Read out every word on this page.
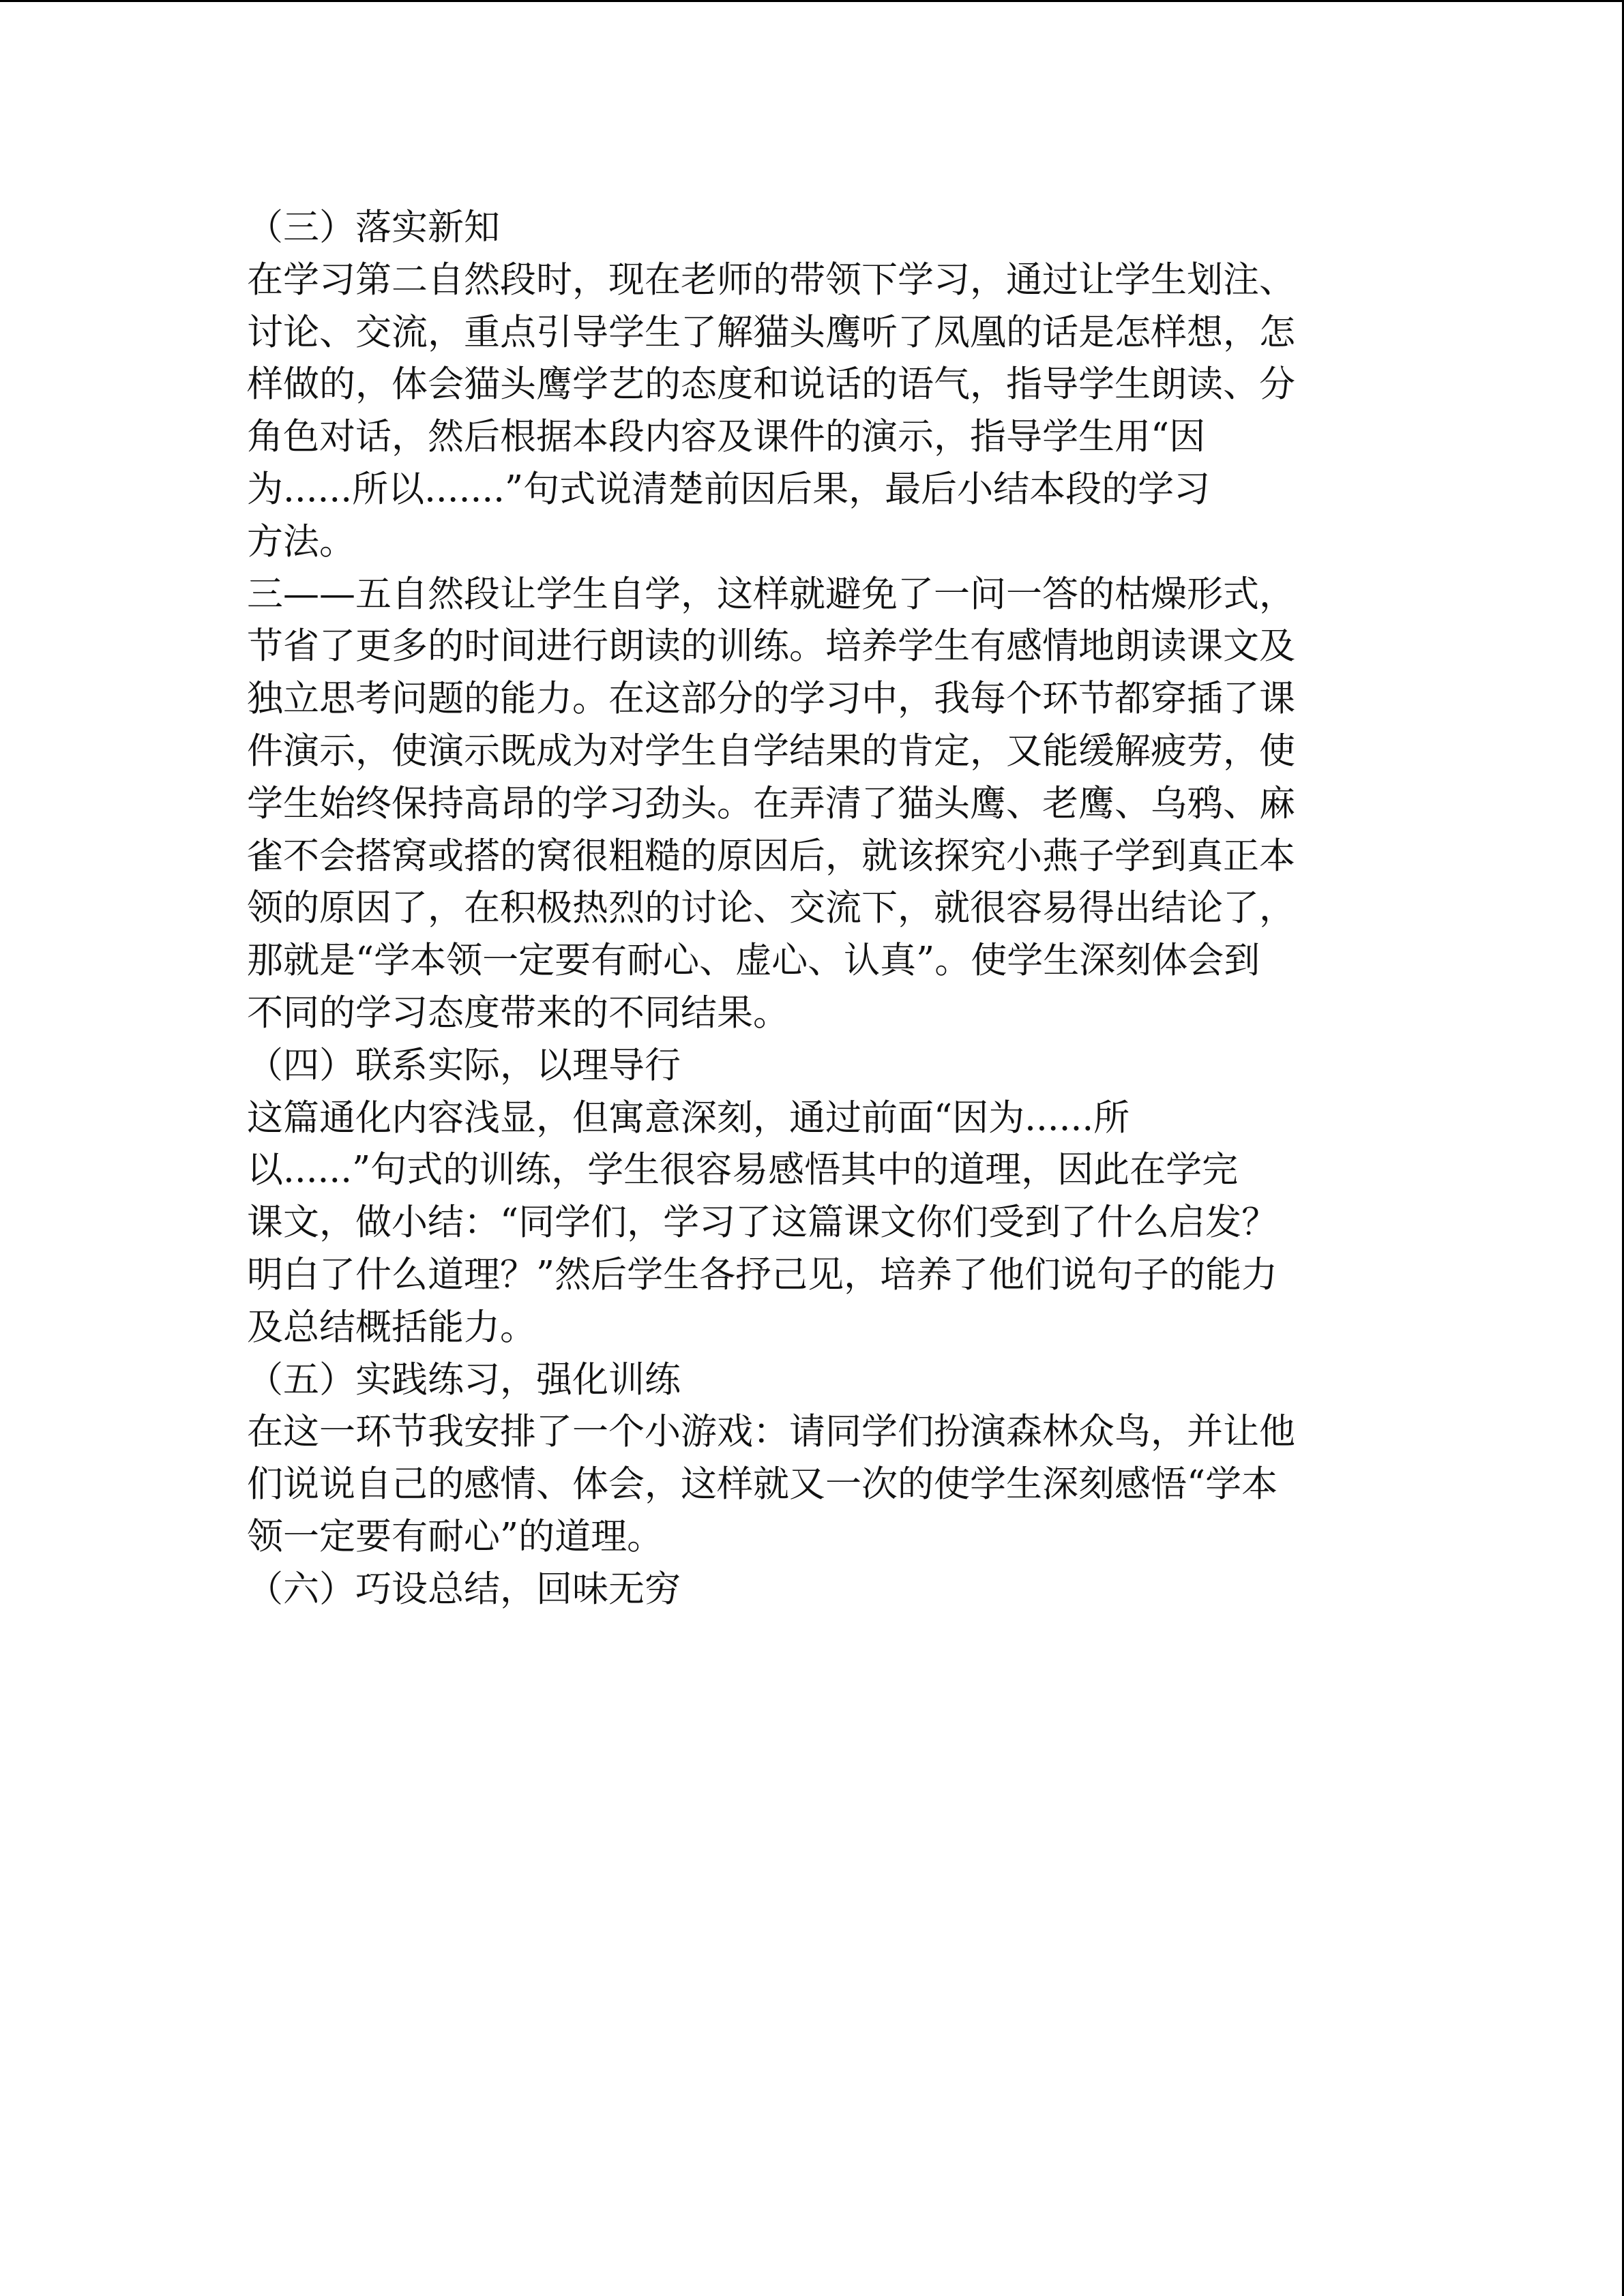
（三）落实新知
在学习第二自然段时，现在老师的带领下学习，通过让学生划注、
讨论、交流，重点引导学生了解猫头鹰听了凤凰的话是怎样想，怎
样做的，体会猫头鹰学艺的态度和说话的语气，指导学生朗读、分
角色对话，然后根据本段内容及课件的演示，指导学生用“因
为......所以.......”句式说清楚前因后果，最后小结本段的学习
方法。
三——五自然段让学生自学，这样就避免了一问一答的枯燥形式，
节省了更多的时间进行朗读的训练。培养学生有感情地朗读课文及
独立思考问题的能力。在这部分的学习中，我每个环节都穿插了课
件演示，使演示既成为对学生自学结果的肯定，又能缓解疲劳，使
学生始终保持高昂的学习劲头。在弄清了猫头鹰、老鹰、乌鸦、麻
雀不会搭窝或搭的窝很粗糙的原因后，就该探究小燕子学到真正本
领的原因了，在积极热烈的讨论、交流下，就很容易得出结论了，
那就是“学本领一定要有耐心、虚心、认真”。使学生深刻体会到
不同的学习态度带来的不同结果。
（四）联系实际，以理导行
这篇通化内容浅显，但寓意深刻，通过前面“因为......所
以......”句式的训练，学生很容易感悟其中的道理，因此在学完
课文，做小结：“同学们，学习了这篇课文你们受到了什么启发？
明白了什么道理？”然后学生各抒己见，培养了他们说句子的能力
及总结概括能力。
（五）实践练习，强化训练
在这一环节我安排了一个小游戏：请同学们扮演森林众鸟，并让他
们说说自己的感情、体会，这样就又一次的使学生深刻感悟“学本
领一定要有耐心”的道理。
（六）巧设总结，回味无穷
